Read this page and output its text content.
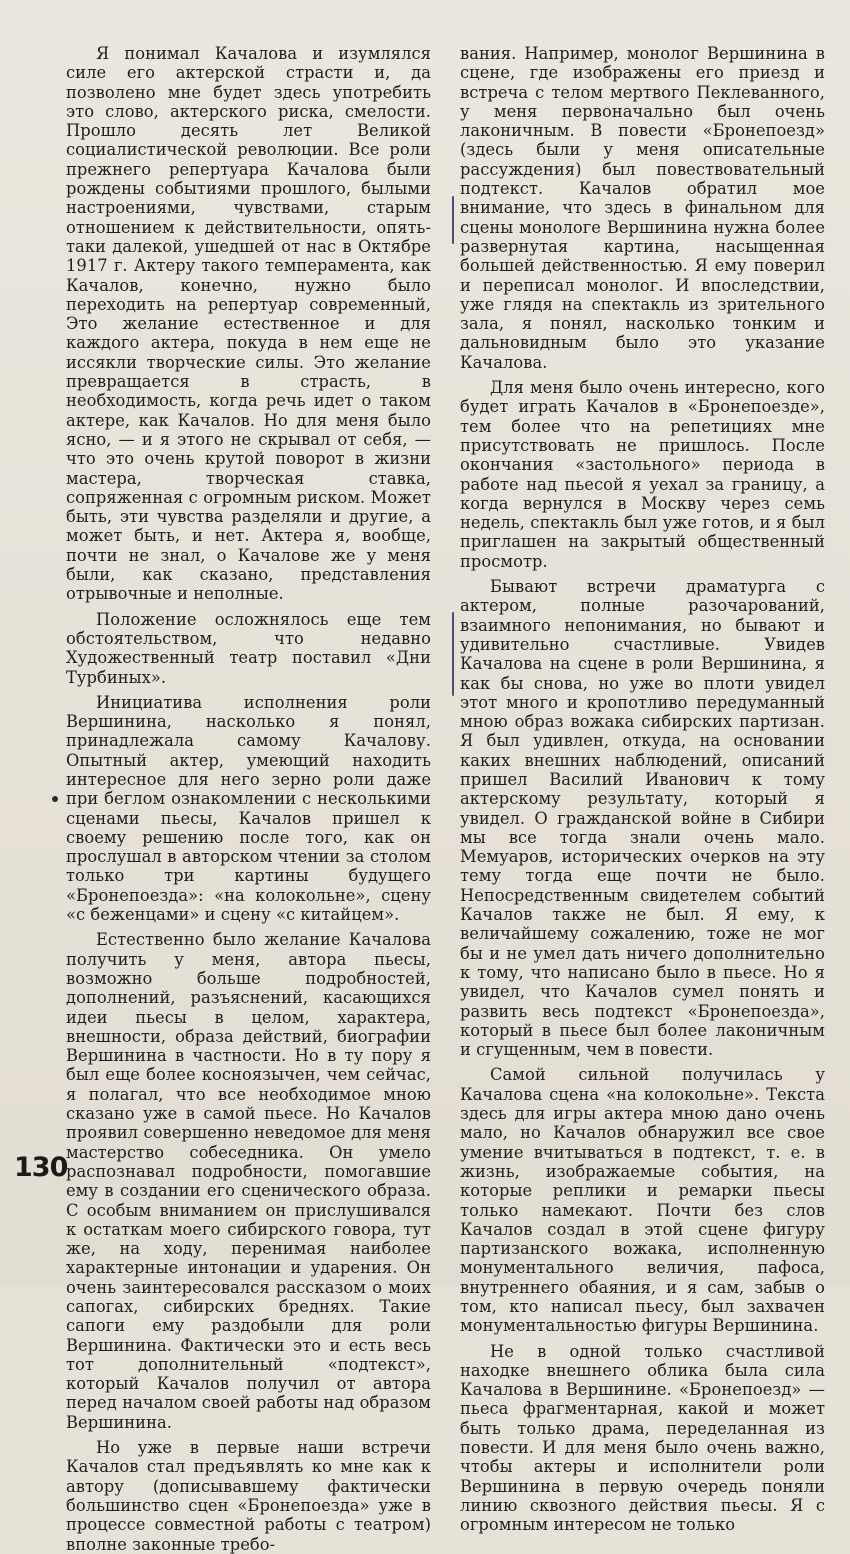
Я понимал Качалова и изумлялся силе его актерской страсти и, да позволено мне будет здесь употребить это слово, актерского риска, смелости. Прошло десять лет Великой социалистической революции. Все роли прежнего репертуара Качалова были рождены событиями прошлого, былыми настроениями, чувствами, старым отношением к действительности, опять-таки далекой, ушедшей от нас в Октябре 1917 г. Актеру такого темперамента, как Качалов, конечно, нужно было переходить на репертуар современный, Это желание естественное и для каждого актера, покуда в нем еще не иссякли творческие силы. Это желание превращается в страсть, в необходимость, когда речь идет о таком актере, как Качалов. Но для меня было ясно, — и я этого не скрывал от себя, — что это очень крутой поворот в жизни мастера, творческая ставка, сопряженная с огромным риском. Может быть, эти чувства разделяли и другие, а может быть, и нет. Актера я, вообще, почти не знал, о Качалове же у меня были, как сказано, представления отрывочные и неполные.

Положение осложнялось еще тем обстоятельством, что недавно Художественный театр поставил «Дни Турбиных».

Инициатива исполнения роли Вершинина, насколько я понял, принадлежала самому Качалову. Опытный актер, умеющий находить интересное для него зерно роли даже при беглом ознакомлении с несколькими сценами пьесы, Качалов пришел к своему решению после того, как он прослушал в авторском чтении за столом только три картины будущего «Бронепоезда»: «на колокольне», сцену «с беженцами» и сцену «с китайцем».

Естественно было желание Качалова получить у меня, автора пьесы, возможно больше подробностей, дополнений, разъяснений, касающихся идеи пьесы в целом, характера, внешности, образа действий, биографии Вершинина в частности. Но в ту пору я был еще более косноязычен, чем сейчас, я полагал, что все необходимое мною сказано уже в самой пьесе. Но Качалов проявил совершенно неведомое для меня мастерство собеседника. Он умело распознавал подробности, помогавшие ему в создании его сценического образа. С особым вниманием он прислушивался к остаткам моего сибирского говора, тут же, на ходу, перенимая наиболее характерные интонации и ударения. Он очень заинтересовался рассказом о моих сапогах, сибирских бреднях. Такие сапоги ему раздобыли для роли Вершинина. Фактически это и есть весь тот дополнительный «подтекст», который Качалов получил от автора перед началом своей работы над образом Вершинина.

Но уже в первые наши встречи Качалов стал предъявлять ко мне как к автору (дописывавшему фактически большинство сцен «Бронепоезда» уже в процессе совместной работы с театром) вполне законные требо-

вания. Например, монолог Вершинина в сцене, где изображены его приезд и встреча с телом мертвого Пеклеванного, у меня первоначально был очень лаконичным. В повести «Бронепоезд» (здесь были у меня описательные рассуждения) был повествовательный подтекст. Качалов обратил мое внимание, что здесь в финальном для сцены монологе Вершинина нужна более развернутая картина, насыщенная большей действенностью. Я ему поверил и переписал монолог. И впоследствии, уже глядя на спектакль из зрительного зала, я понял, насколько тонким и дальновидным было это указание Качалова.

Для меня было очень интересно, кого будет играть Качалов в «Бронепоезде», тем более что на репетициях мне присутствовать не пришлось. После окончания «застольного» периода в работе над пьесой я уехал за границу, а когда вернулся в Москву через семь недель, спектакль был уже готов, и я был приглашен на закрытый общественный просмотр.

Бывают встречи драматурга с актером, полные разочарований, взаимного непонимания, но бывают и удивительно счастливые. Увидев Качалова на сцене в роли Вершинина, я как бы снова, но уже во плоти увидел этот много и кропотливо передуманный мною образ вожака сибирских партизан. Я был удивлен, откуда, на основании каких внешних наблюдений, описаний пришел Василий Иванович к тому актерскому результату, который я увидел. О гражданской войне в Сибири мы все тогда знали очень мало. Мемуаров, исторических очерков на эту тему тогда еще почти не было. Непосредственным свидетелем событий Качалов также не был. Я ему, к величайшему сожалению, тоже не мог бы и не умел дать ничего дополнительно к тому, что написано было в пьесе. Но я увидел, что Качалов сумел понять и развить весь подтекст «Бронепоезда», который в пьесе был более лаконичным и сгущенным, чем в повести.

Самой сильной получилась у Качалова сцена «на колокольне». Текста здесь для игры актера мною дано очень мало, но Качалов обнаружил все свое умение вчитываться в подтекст, т. е. в жизнь, изображаемые события, на которые реплики и ремарки пьесы только намекают. Почти без слов Качалов создал в этой сцене фигуру партизанского вожака, исполненную монументального величия, пафоса, внутреннего обаяния, и я сам, забыв о том, кто написал пьесу, был захвачен монументальностью фигуры Вершинина.

Не в одной только счастливой находке внешнего облика была сила Качалова в Вершинине. «Бронепоезд» — пьеса фрагментарная, какой и может быть только драма, переделанная из повести. И для меня было очень важно, чтобы актеры и исполнители роли Вершинина в первую очередь поняли линию сквозного действия пьесы. Я с огромным интересом не только

130
